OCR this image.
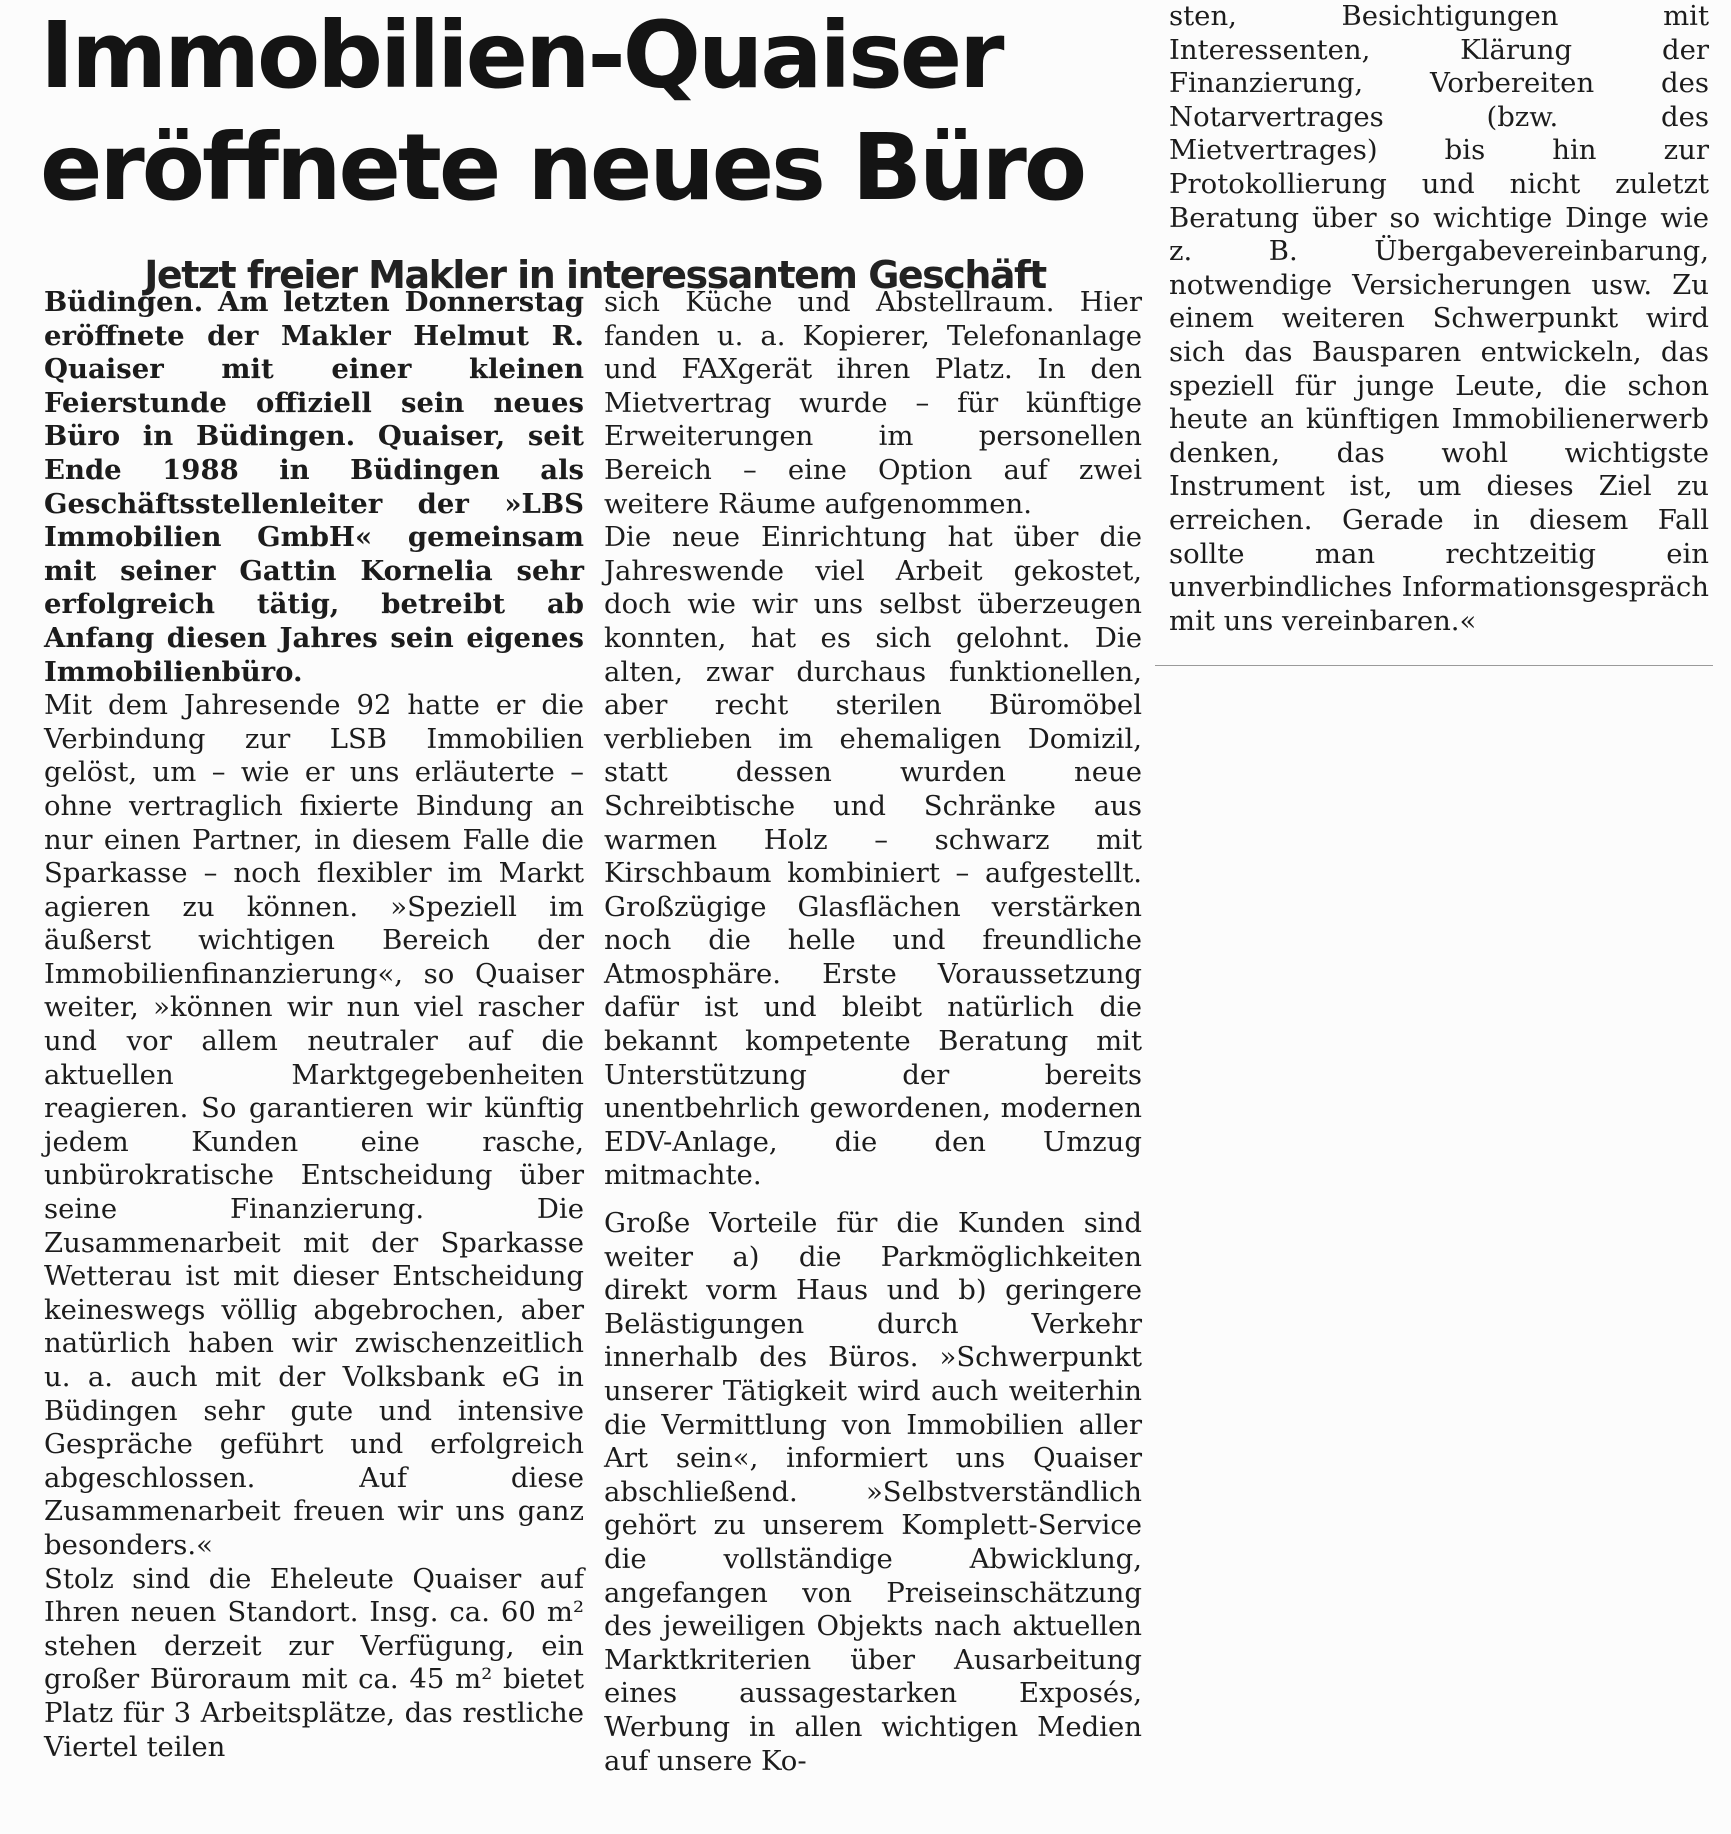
Immobilien-Quaiser
eröffnete neues Büro
Jetzt freier Makler in interessantem Geschäft

Büdingen. Am letzten Donnerstag eröffnete der Makler Helmut R. Quaiser mit einer kleinen Feierstunde offiziell sein neues Büro in Büdingen. Quaiser, seit Ende 1988 in Büdingen als Geschäftsstellenleiter der »LBS Immobilien GmbH« gemeinsam mit seiner Gattin Kornelia sehr erfolgreich tätig, betreibt ab Anfang diesen Jahres sein eigenes Immobilienbüro.

Mit dem Jahresende 92 hatte er die Verbindung zur LSB Immobilien gelöst, um – wie er uns erläuterte – ohne vertraglich fixierte Bindung an nur einen Partner, in diesem Falle die Sparkasse – noch flexibler im Markt agieren zu können. »Speziell im äußerst wichtigen Bereich der Immobilienfinanzierung«, so Quaiser weiter, »können wir nun viel rascher und vor allem neutraler auf die aktuellen Marktgegebenheiten reagieren. So garantieren wir künftig jedem Kunden eine rasche, unbürokratische Entscheidung über seine Finanzierung. Die Zusammenarbeit mit der Sparkasse Wetterau ist mit dieser Entscheidung keineswegs völlig abgebrochen, aber natürlich haben wir zwischenzeitlich u. a. auch mit der Volksbank eG in Büdingen sehr gute und intensive Gespräche geführt und erfolgreich abgeschlossen. Auf diese Zusammenarbeit freuen wir uns ganz besonders.«

Stolz sind die Eheleute Quaiser auf Ihren neuen Standort. Insg. ca. 60 m² stehen derzeit zur Verfügung, ein großer Büroraum mit ca. 45 m² bietet Platz für 3 Arbeitsplätze, das restliche Viertel teilen

sich Küche und Abstellraum. Hier fanden u. a. Kopierer, Telefonanlage und FAXgerät ihren Platz. In den Mietvertrag wurde – für künftige Erweiterungen im personellen Bereich – eine Option auf zwei weitere Räume aufgenommen.

Die neue Einrichtung hat über die Jahreswende viel Arbeit gekostet, doch wie wir uns selbst überzeugen konnten, hat es sich gelohnt. Die alten, zwar durchaus funktionellen, aber recht sterilen Büromöbel verblieben im ehemaligen Domizil, statt dessen wurden neue Schreibtische und Schränke aus warmen Holz – schwarz mit Kirschbaum kombiniert – aufgestellt. Großzügige Glasflächen verstärken noch die helle und freundliche Atmosphäre. Erste Voraussetzung dafür ist und bleibt natürlich die bekannt kompetente Beratung mit Unterstützung der bereits unentbehrlich gewordenen, modernen EDV-Anlage, die den Umzug mitmachte.

Große Vorteile für die Kunden sind weiter a) die Parkmöglichkeiten direkt vorm Haus und b) geringere Belästigungen durch Verkehr innerhalb des Büros. »Schwerpunkt unserer Tätigkeit wird auch weiterhin die Vermittlung von Immobilien aller Art sein«, informiert uns Quaiser abschließend. »Selbstverständlich gehört zu unserem Komplett-Service die vollständige Abwicklung, angefangen von Preiseinschätzung des jeweiligen Objekts nach aktuellen Marktkriterien über Ausarbeitung eines aussagestarken Exposés, Werbung in allen wichtigen Medien auf unsere Ko-

sten, Besichtigungen mit Interessenten, Klärung der Finanzierung, Vorbereiten des Notarvertrages (bzw. des Mietvertrages) bis hin zur Protokollierung und nicht zuletzt Beratung über so wichtige Dinge wie z. B. Übergabevereinbarung, notwendige Versicherungen usw. Zu einem weiteren Schwerpunkt wird sich das Bausparen entwickeln, das speziell für junge Leute, die schon heute an künftigen Immobilienerwerb denken, das wohl wichtigste Instrument ist, um dieses Ziel zu erreichen. Gerade in diesem Fall sollte man rechtzeitig ein unverbindliches Informationsgespräch mit uns vereinbaren.«
